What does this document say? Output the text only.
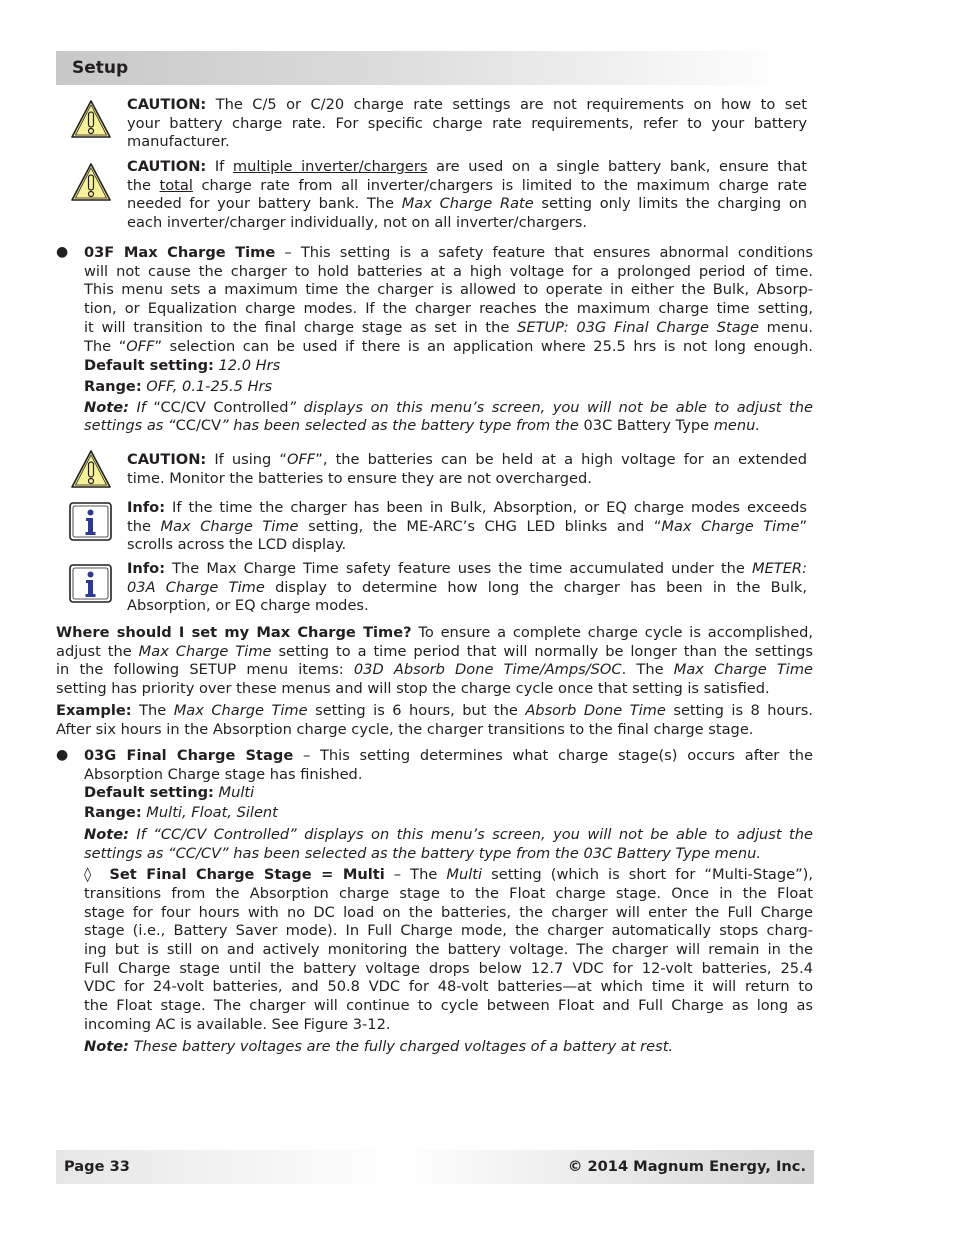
Setup
CAUTION: The C/5 or C/20 charge rate settings are not requirements on how to set
your battery charge rate. For specific charge rate requirements, refer to your battery
manufacturer.
CAUTION: If multiple inverter/chargers are used on a single battery bank, ensure that
the total charge rate from all inverter/chargers is limited to the maximum charge rate
needed for your battery bank. The Max Charge Rate setting only limits the charging on
each inverter/charger individually, not on all inverter/chargers.
● 03F Max Charge Time – This setting is a safety feature that ensures abnormal conditions
will not cause the charger to hold batteries at a high voltage for a prolonged period of time.
This menu sets a maximum time the charger is allowed to operate in either the Bulk, Absorp-
tion, or Equalization charge modes. If the charger reaches the maximum charge time setting,
it will transition to the final charge stage as set in the SETUP: 03G Final Charge Stage menu.
The “OFF” selection can be used if there is an application where 25.5 hrs is not long enough.
Default setting: 12.0 Hrs
Range: OFF, 0.1-25.5 Hrs
Note: If “CC/CV Controlled” displays on this menu’s screen, you will not be able to adjust the
settings as “CC/CV” has been selected as the battery type from the 03C Battery Type menu.
CAUTION: If using “OFF”, the batteries can be held at a high voltage for an extended
time. Monitor the batteries to ensure they are not overcharged.
Info: If the time the charger has been in Bulk, Absorption, or EQ charge modes exceeds
the Max Charge Time setting, the ME-ARC’s CHG LED blinks and “Max Charge Time”
scrolls across the LCD display.
Info: The Max Charge Time safety feature uses the time accumulated under the METER:
03A Charge Time display to determine how long the charger has been in the Bulk,
Absorption, or EQ charge modes.
Where should I set my Max Charge Time? To ensure a complete charge cycle is accomplished,
adjust the Max Charge Time setting to a time period that will normally be longer than the settings
in the following SETUP menu items: 03D Absorb Done Time/Amps/SOC. The Max Charge Time
setting has priority over these menus and will stop the charge cycle once that setting is satisfied.
Example: The Max Charge Time setting is 6 hours, but the Absorb Done Time setting is 8 hours.
After six hours in the Absorption charge cycle, the charger transitions to the final charge stage.
● 03G Final Charge Stage – This setting determines what charge stage(s) occurs after the
Absorption Charge stage has finished.
Default setting: Multi
Range: Multi, Float, Silent
Note: If “CC/CV Controlled” displays on this menu’s screen, you will not be able to adjust the
settings as “CC/CV” has been selected as the battery type from the 03C Battery Type menu.
◊ Set Final Charge Stage = Multi – The Multi setting (which is short for “Multi-Stage”),
transitions from the Absorption charge stage to the Float charge stage. Once in the Float
stage for four hours with no DC load on the batteries, the charger will enter the Full Charge
stage (i.e., Battery Saver mode). In Full Charge mode, the charger automatically stops charg-
ing but is still on and actively monitoring the battery voltage. The charger will remain in the
Full Charge stage until the battery voltage drops below 12.7 VDC for 12-volt batteries, 25.4
VDC for 24-volt batteries, and 50.8 VDC for 48-volt batteries—at which time it will return to
the Float stage. The charger will continue to cycle between Float and Full Charge as long as
incoming AC is available. See Figure 3-12.
Note: These battery voltages are the fully charged voltages of a battery at rest.
Page 33	© 2014 Magnum Energy, Inc.
